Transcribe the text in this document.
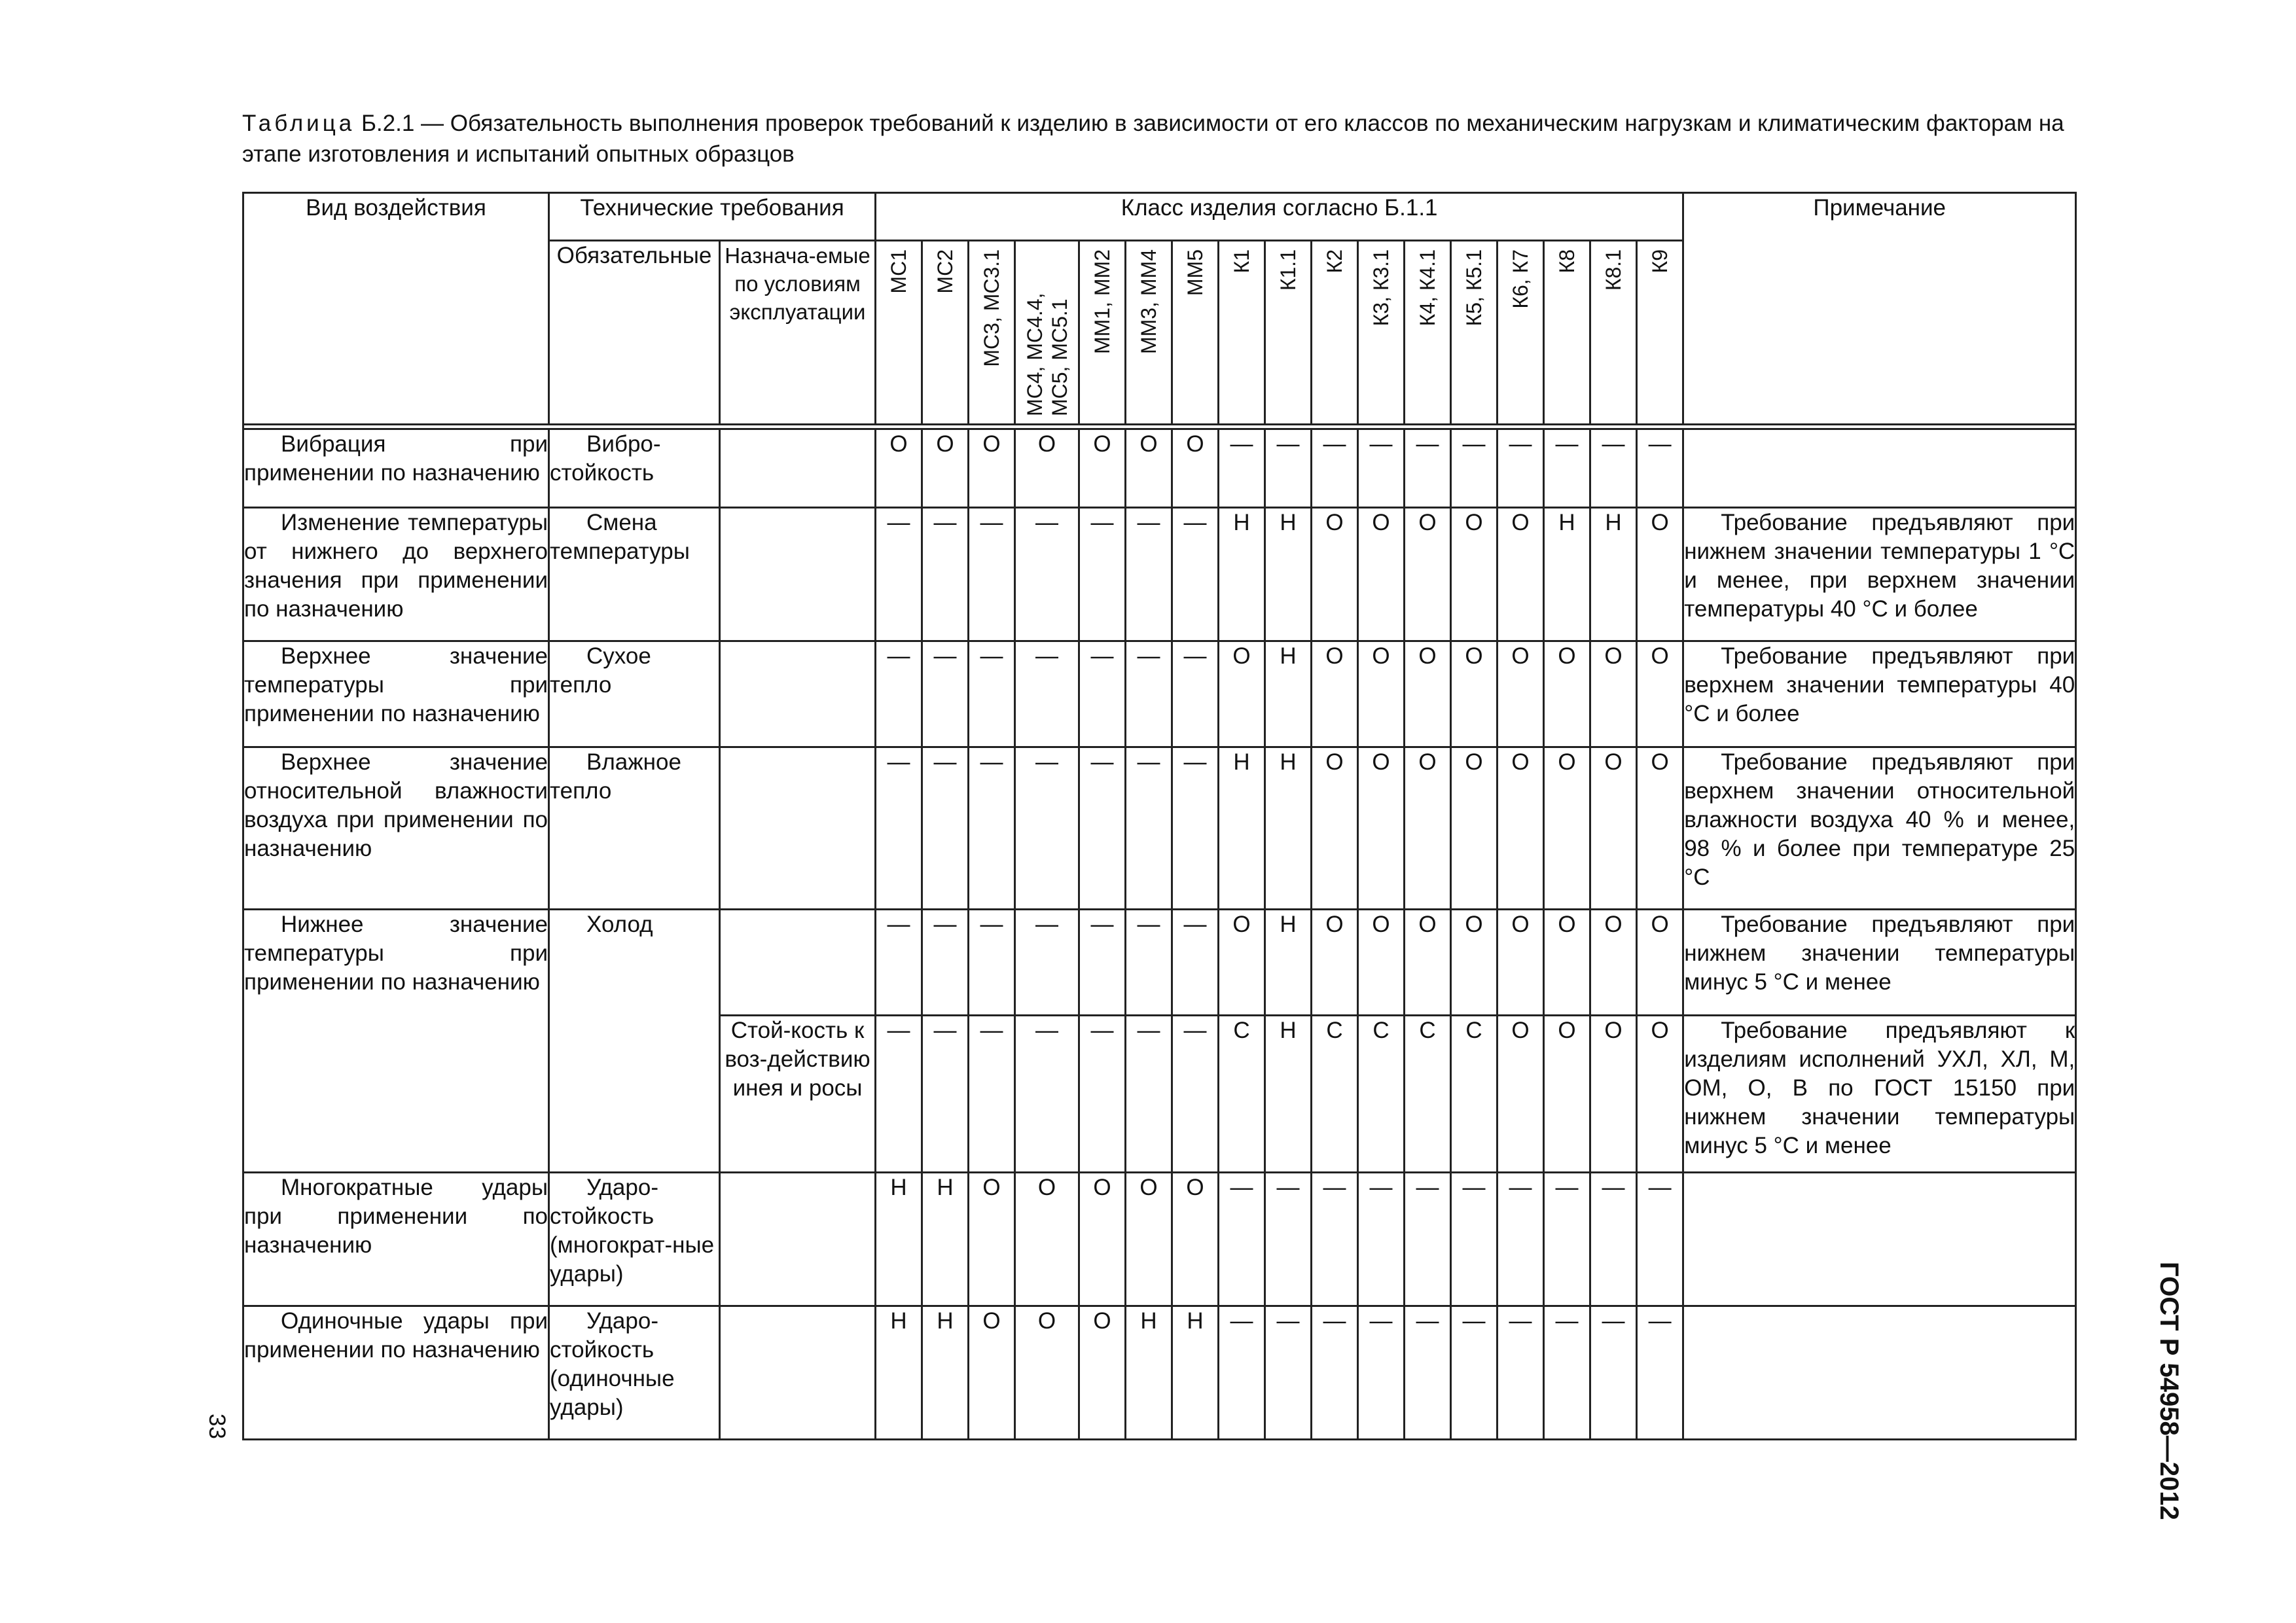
Таблица Б.2.1 — Обязательность выполнения проверок требований к изделию в зависимости от его классов по механическим нагрузкам и климатическим факторам на этапе изготовления и испытаний опытных образцов
Вид воздействия	Технические требования		Класс изделия согласно Б.1.1																	Примечание
	Обязательные	Назнача-емые по условиям эксплуатации	МС1	МС2	МС3, МС3.1	МС4, МС4.4, МС5, МС5.1	ММ1, ММ2	ММ3, ММ4	ММ5	К1	К1.1	К2	К3, К3.1	К4, К4.1	К5, К5.1	К6, К7	К8	К8.1	К9	

Вибрация при применении по назначению	Вибро-стойкость		О	О	О	О	О	О	О	—	—	—	—	—	—	—	—	—	—	
Изменение температуры от нижнего до верхнего значения при применении по назначению	Смена температуры		—	—	—	—	—	—	—	Н	Н	О	О	О	О	О	Н	Н	О	Требование предъявляют при нижнем значении температуры 1 °С и менее, при верхнем значении температуры 40 °С и более
Верхнее значение температуры при применении по назначению	Сухое тепло		—	—	—	—	—	—	—	О	Н	О	О	О	О	О	О	О	О	Требование предъявляют при верхнем значении температуры 40 °С и более
Верхнее значение относительной влажности воздуха при применении по назначению	Влажное тепло		—	—	—	—	—	—	—	Н	Н	О	О	О	О	О	О	О	О	Требование предъявляют при верхнем значении относительной влажности воздуха 40 % и менее, 98 % и более при температуре 25 °С
Нижнее значение температуры при применении по назначению	Холод		—	—	—	—	—	—	—	О	Н	О	О	О	О	О	О	О	О	Требование предъявляют при нижнем значении температуры минус 5 °С и менее
		Стой-кость к воз-действию инея и росы	—	—	—	—	—	—	—	С	Н	С	С	С	С	О	О	О	О	Требование предъявляют к изделиям исполнений УХЛ, ХЛ, М, ОМ, О, В по ГОСТ 15150 при нижнем значении температуры минус 5 °С и менее
Многократные удары при применении по назначению	Ударо-стойкость (многократ-ные удары)		Н	Н	О	О	О	О	О	—	—	—	—	—	—	—	—	—	—	
Одиночные удары при применении по назначению	Ударо-стойкость (одиночные удары)		Н	Н	О	О	О	Н	Н	—	—	—	—	—	—	—	—	—	—	
33	ГОСТ Р 54958—2012
